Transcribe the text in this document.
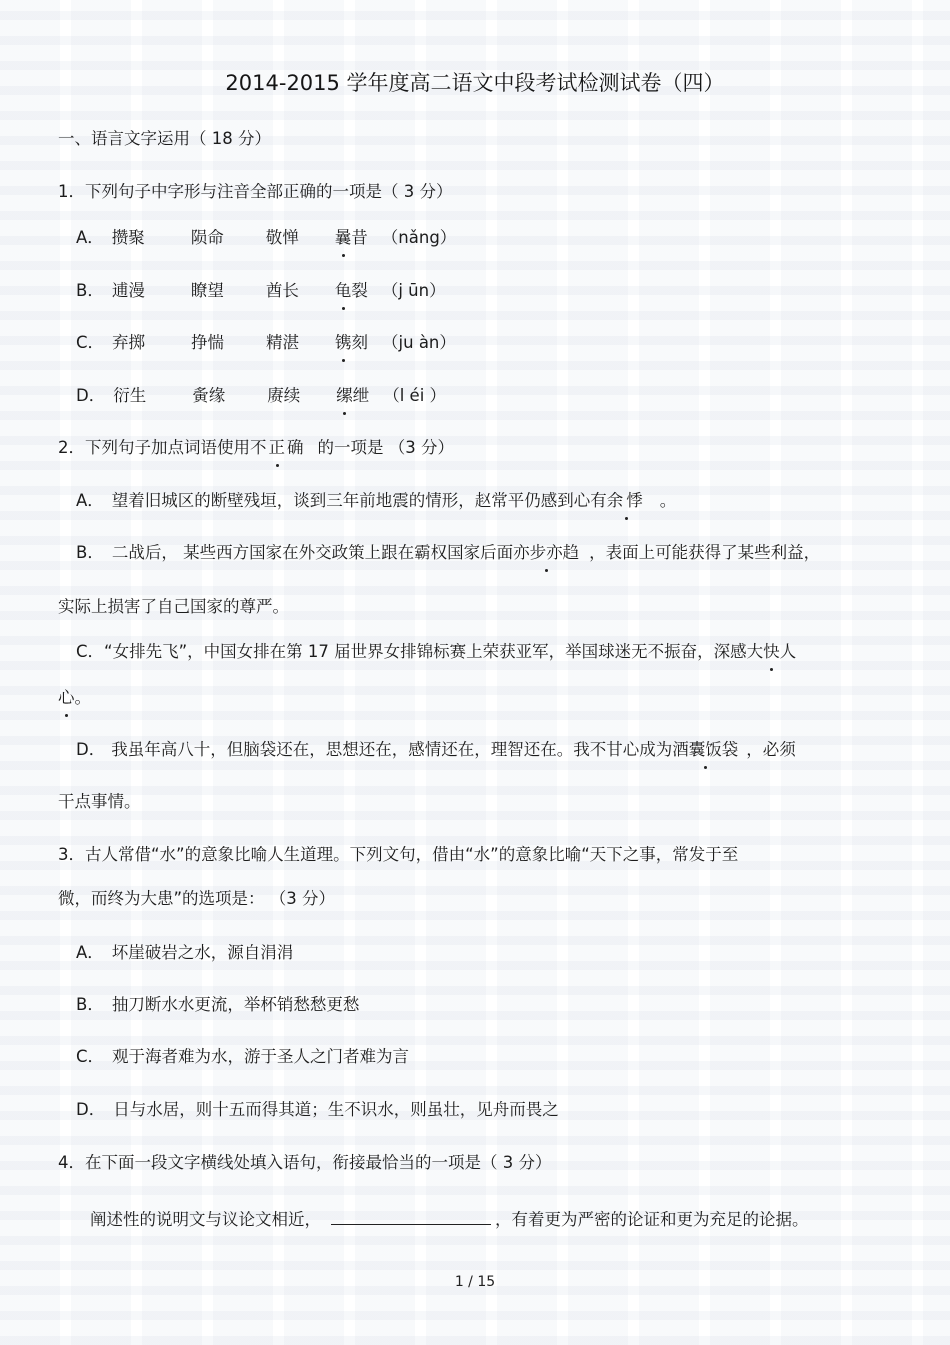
2014-2015 学年度高二语文中段考试检测试卷（四）
一、语言文字运用（ 18 分）
1．下列句子中字形与注音全部正确的一项是（ 3 分）
A． 攒聚	陨命	敬惮 曩昔 （nǎng）
B． 逋漫	瞭望	酋长 龟裂 （j ūn）
C． 弃掷	挣惴	精湛 镌刻 （ju àn）
D． 衍生	夤缘	赓续 缧绁 （l éi ）
2．下列句子加点词语使用不正确 的一项是 （3 分）
A． 望着旧城区的断壁残垣，谈到三年前地震的情形，赵常平仍感到心有余悸 。
B． 二战后， 某些西方国家在外交政策上跟在霸权国家后面亦步亦趋 ，表面上可能获得了某些利益，
实际上损害了自己国家的尊严。
C．“女排先飞”，中国女排在第 17 届世界女排锦标赛上荣获亚军，举国球迷无不振奋，深感大快人
心。
D． 我虽年高八十，但脑袋还在，思想还在，感情还在，理智还在。我不甘心成为酒囊饭袋 ，必须
干点事情。
3．古人常借“水”的意象比喻人生道理。下列文句，借由“水”的意象比喻“天下之事，常发于至
微，而终为大患”的选项是： （3 分）
A． 坏崖破岩之水，源自涓涓
B． 抽刀断水水更流，举杯销愁愁更愁
C． 观于海者难为水，游于圣人之门者难为言
D． 日与水居，则十五而得其道；生不识水，则虽壮，见舟而畏之
4．在下面一段文字横线处填入语句，衔接最恰当的一项是（ 3 分）
阐述性的说明文与议论文相近，	，有着更为严密的论证和更为充足的论据。
1 / 15
